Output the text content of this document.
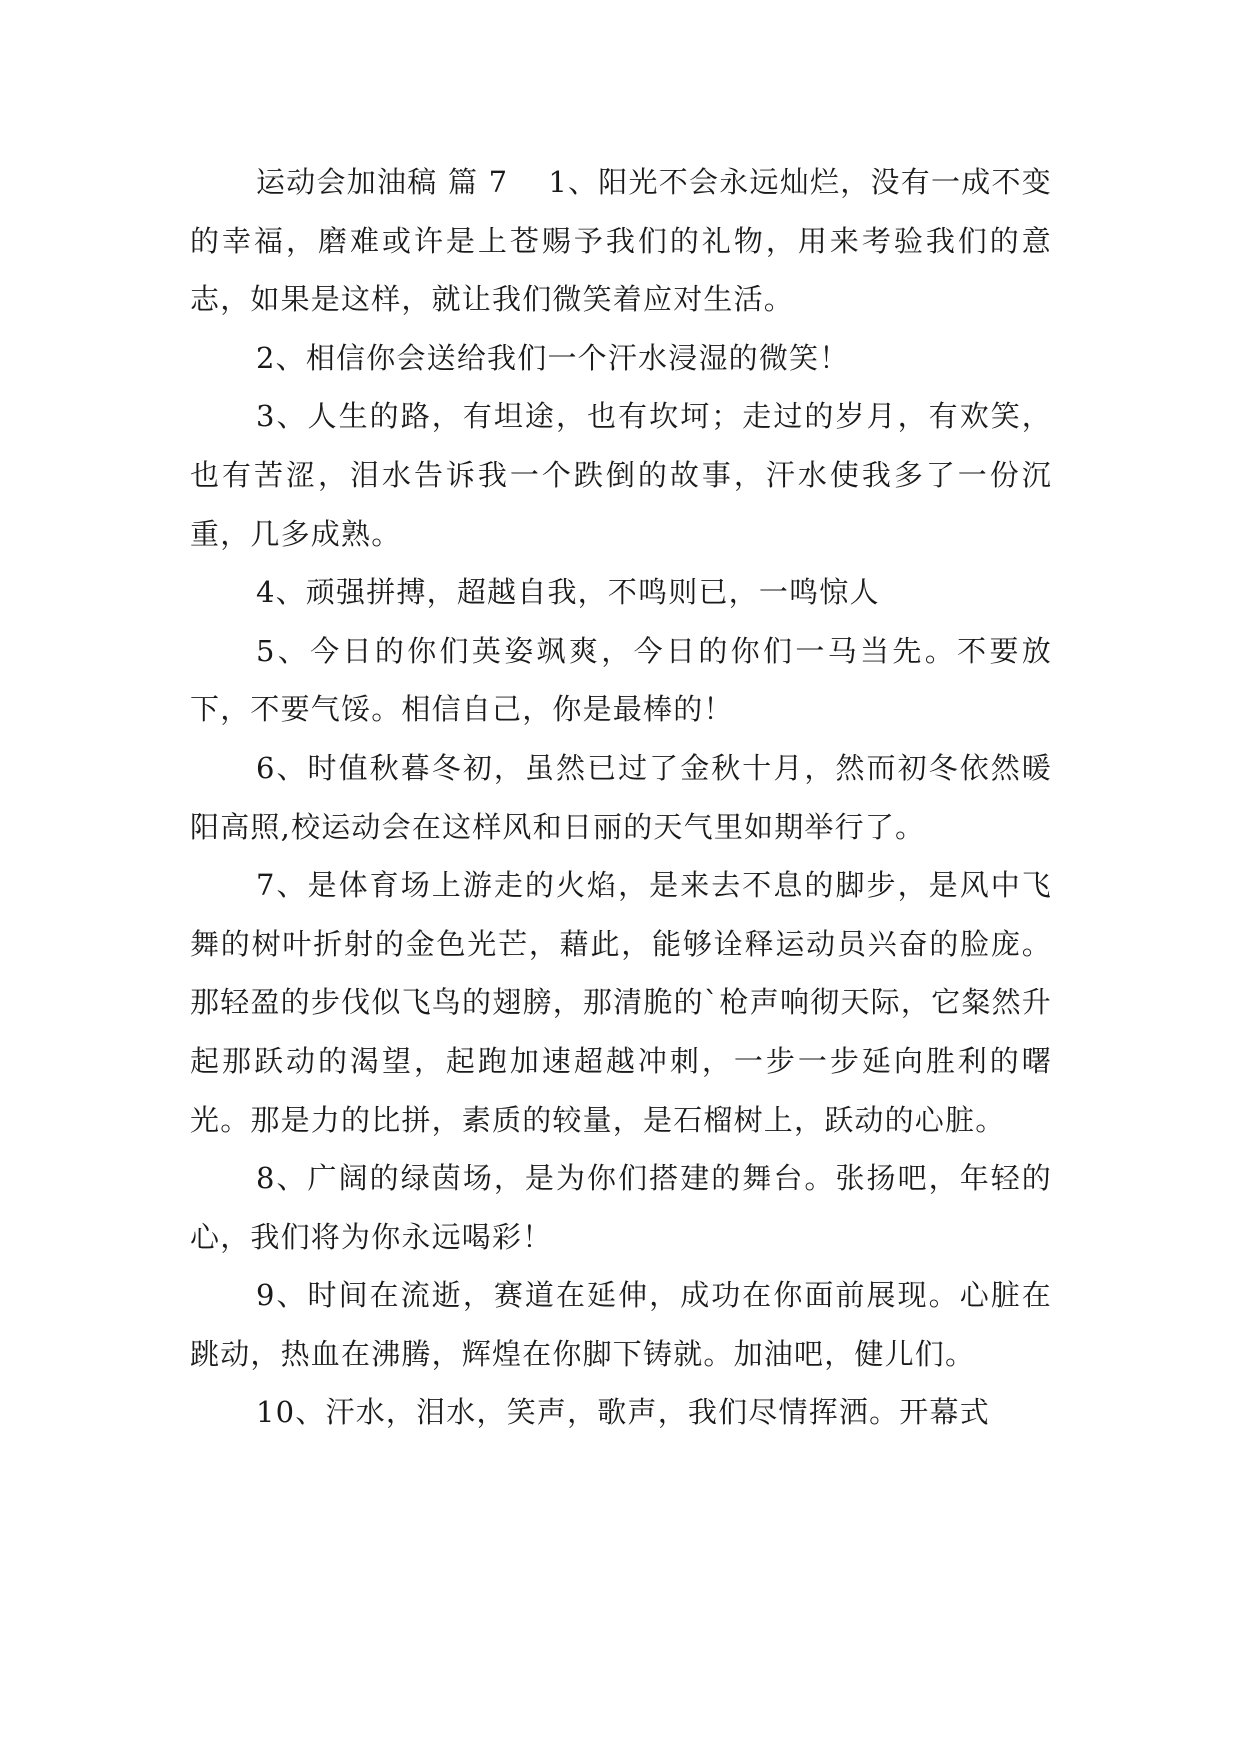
运动会加油稿 篇 7 1、阳光不会永远灿烂，没有一成不变的幸福，磨难或许是上苍赐予我们的礼物，用来考验我们的意志，如果是这样，就让我们微笑着应对生活。

2、相信你会送给我们一个汗水浸湿的微笑！

3、人生的路，有坦途，也有坎坷；走过的岁月，有欢笑，也有苦涩，泪水告诉我一个跌倒的故事，汗水使我多了一份沉重，几多成熟。

4、顽强拼搏，超越自我，不鸣则已，一鸣惊人

5、今日的你们英姿飒爽，今日的你们一马当先。不要放下，不要气馁。相信自己，你是最棒的！

6、时值秋暮冬初，虽然已过了金秋十月，然而初冬依然暖阳高照,校运动会在这样风和日丽的天气里如期举行了。

7、是体育场上游走的火焰，是来去不息的脚步，是风中飞舞的树叶折射的金色光芒，藉此，能够诠释运动员兴奋的脸庞。那轻盈的步伐似飞鸟的翅膀，那清脆的`枪声响彻天际，它粲然升起那跃动的渴望，起跑加速超越冲刺，一步一步延向胜利的曙光。那是力的比拼，素质的较量，是石榴树上，跃动的心脏。

8、广阔的绿茵场，是为你们搭建的舞台。张扬吧，年轻的心，我们将为你永远喝彩！

9、时间在流逝，赛道在延伸，成功在你面前展现。心脏在跳动，热血在沸腾，辉煌在你脚下铸就。加油吧，健儿们。

10、汗水，泪水，笑声，歌声，我们尽情挥洒。开幕式
